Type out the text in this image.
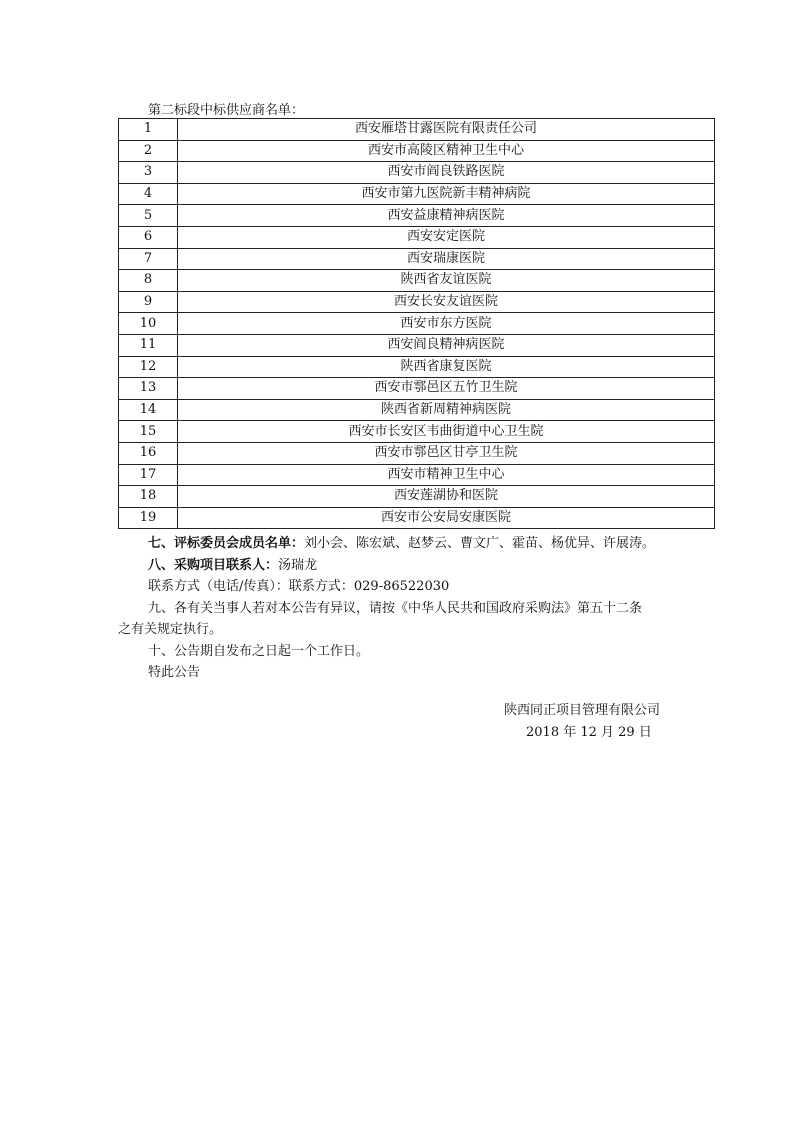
第二标段中标供应商名单：
1	西安雁塔甘露医院有限责任公司
2	西安市高陵区精神卫生中心
3	西安市阎良铁路医院
4	西安市第九医院新丰精神病院
5	西安益康精神病医院
6	西安安定医院
7	西安瑞康医院
8	陕西省友谊医院
9	西安长安友谊医院
10	西安市东方医院
11	西安阎良精神病医院
12	陕西省康复医院
13	西安市鄠邑区五竹卫生院
14	陕西省新周精神病医院
15	西安市长安区韦曲街道中心卫生院
16	西安市鄠邑区甘亭卫生院
17	西安市精神卫生中心
18	西安莲湖协和医院
19	西安市公安局安康医院
七、评标委员会成员名单：刘小会、陈宏斌、赵梦云、曹文广、霍苗、杨优异、许展涛。
八、采购项目联系人：汤瑞龙
联系方式（电话/传真）：联系方式：029-86522030
九、各有关当事人若对本公告有异议，请按《中华人民共和国政府采购法》第五十二条
之有关规定执行。
十、公告期自发布之日起一个工作日。
特此公告
陕西同正项目管理有限公司
2018 年 12 月 29 日
